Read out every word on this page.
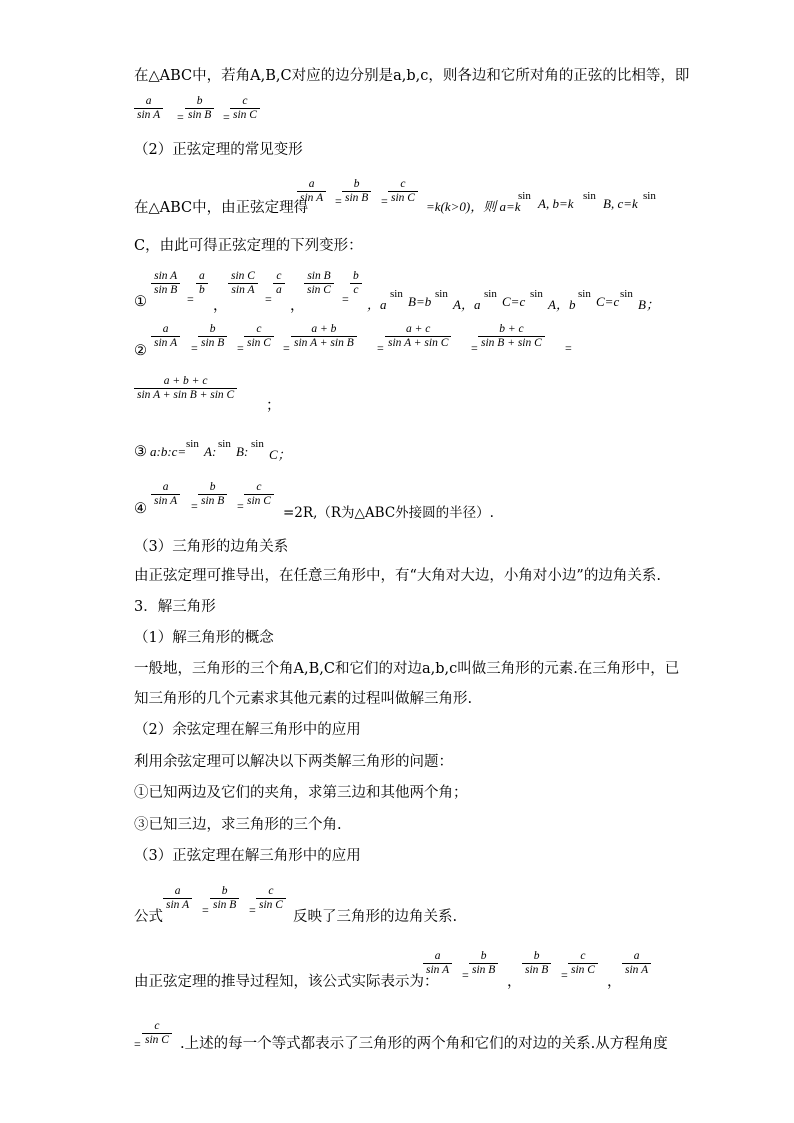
在△ABC中，若角A,B,C对应的边分别是a,b,c，则各边和它所对角的正弦的比相等，即
$\frac{a}{\text{sin A}} = \frac{b}{\text{sin B}} = \frac{c}{\text{sin C}}$
（2）正弦定理的常见变形
在△ABC中，由正弦定理得
$\frac{a}{\text{sin A}} = \frac{b}{\text{sin B}} = \frac{c}{\text{sin C}}$
=k(k>0)，则 a=k
sin A, b=k sin B, c=k sin
C，由此可得正弦定理的下列变形：
①
$\frac{\text{sin A}}{\text{sin B}}$
=
$\frac{a}{b}$
，
$\frac{\text{sin C}}{\text{sin A}}$
=
$\frac{c}{a}$
，
$\frac{\text{sin B}}{\text{sin C}}$
=
$\frac{b}{c}$
，a
sin B=b sin
A，a
sin C=c sin
A，b
sin C=c sin
B；
②
$\frac{a}{\text{sin A}} = \frac{b}{\text{sin B}} = \frac{c}{\text{sin C}} = \frac{a + b}{\text{sin A + sin B}} = \frac{a + c}{\text{sin A + sin C}} = \frac{b + c}{\text{sin B + sin C}}$ =
$\frac{a + b + c}{\text{sin A + sin B + sin C}}$
；
③ a:b:c= sin A: sin B: sin
C；
④
$\frac{a}{\text{sin A}} = \frac{b}{\text{sin B}} = \frac{c}{\text{sin C}}$
=2R,（R为△ABC外接圆的半径）.
（3）三角形的边角关系
由正弦定理可推导出，在任意三角形中，有“大角对大边，小角对小边”的边角关系.
3．解三角形
（1）解三角形的概念
一般地，三角形的三个角A,B,C和它们的对边a,b,c叫做三角形的元素.在三角形中，已
知三角形的几个元素求其他元素的过程叫做解三角形.
（2）余弦定理在解三角形中的应用
利用余弦定理可以解决以下两类解三角形的问题：
①已知两边及它们的夹角，求第三边和其他两个角；
③已知三边，求三角形的三个角.
（3）正弦定理在解三角形中的应用
公式
$\frac{a}{\text{sin A}} = \frac{b}{\text{sin B}} = \frac{c}{\text{sin C}}$
反映了三角形的边角关系.
由正弦定理的推导过程知，该公式实际表示为：
$\frac{a}{\text{sin A}} = \frac{b}{\text{sin B}}$
，
$\frac{b}{\text{sin B}} = \frac{c}{\text{sin C}}$
，
$\frac{a}{\text{sin A}}$
= $\frac{c}{\text{sin C}}$ .上述的每一个等式都表示了三角形的两个角和它们的对边的关系.从方程角度
